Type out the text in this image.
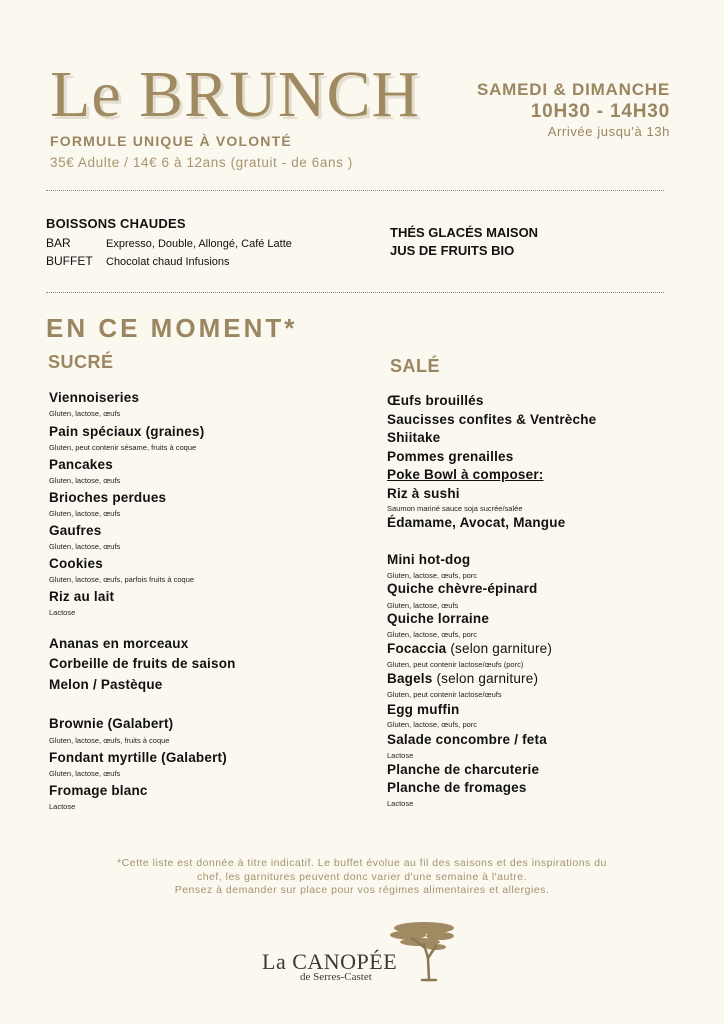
Le BRUNCH
FORMULE UNIQUE À VOLONTÉ
35€ Adulte / 14€ 6 à 12ans (gratuit - de 6ans )
SAMEDI & DIMANCHE
10H30 - 14H30
Arrivée jusqu'à 13h
BOISSONS CHAUDES
BAR	Expresso, Double, Allongé, Café Latte
BUFFET Chocolat chaud Infusions
THÉS GLACÉS MAISON
JUS DE FRUITS BIO
EN CE MOMENT*
SUCRÉ	SALÉ
Viennoiseries
Gluten, lactose, œufs
Pain spéciaux (graines)
Gluten, peut contenir sésame, fruits à coque
Pancakes
Gluten, lactose, œufs
Brioches perdues
Gluten, lactose, œufs
Gaufres
Gluten, lactose, œufs
Cookies
Gluten, lactose, œufs, parfois fruits à coque
Riz au lait
Lactose
Ananas en morceaux
Corbeille de fruits de saison
Melon / Pastèque
Brownie (Galabert)
Gluten, lactose, œufs, fruits à coque
Fondant myrtille (Galabert)
Gluten, lactose, œufs
Fromage blanc
Lactose
Œufs brouillés
Saucisses confites & Ventrèche
Shiitake
Pommes grenailles
Poke Bowl à composer:
Riz à sushi
Saumon mariné sauce soja sucrée/salée
Édamame, Avocat, Mangue
Mini hot-dog
Gluten, lactose, œufs, porc
Quiche chèvre-épinard
Gluten, lactose, œufs
Quiche lorraine
Gluten, lactose, œufs, porc
Focaccia (selon garniture)
Gluten, peut contenir lactose/œufs (porc)
Bagels (selon garniture)
Gluten, peut contenir lactose/œufs
Egg muffin
Gluten, lactose, œufs, porc
Salade concombre / feta
Lactose
Planche de charcuterie
Planche de fromages
Lactose
*Cette liste est donnée à titre indicatif. Le buffet évolue au fil des saisons et des inspirations du
chef, les garnitures peuvent donc varier d'une semaine à l'autre.
Pensez à demander sur place pour vos régimes alimentaires et allergies.
La CANOPÉE
de Serres-Castet
